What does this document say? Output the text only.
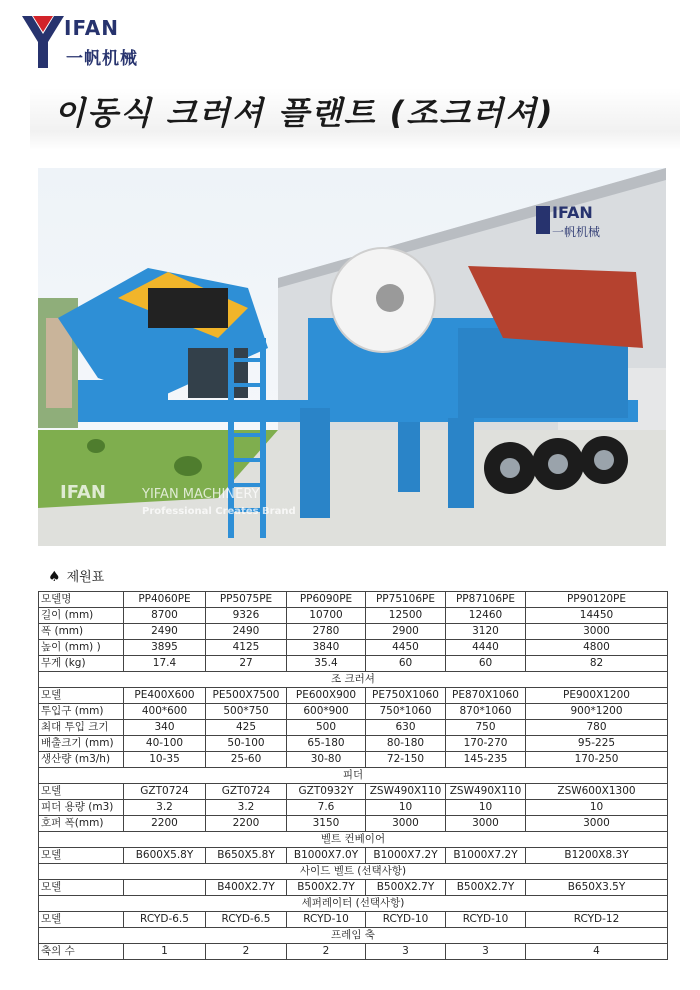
IFAN
一帆机械
이동식 크러셔 플랜트 (조크러셔)
IFAN
一帆机械
IFAN	YIFAN MACHINERY
Professional Creates Brand
♠ 제원표
모델명	PP4060PE	PP5075PE	PP6090PE	PP75106PE	PP87106PE	PP90120PE
길이 (mm)	8700	9326	10700	12500	12460	14450
폭 (mm)	2490	2490	2780	2900	3120	3000
높이 (mm) )	3895	4125	3840	4450	4440	4800
무게 (kg)	17.4	27	35.4	60	60	82
조 크러셔						
모델	PE400X600	PE500X7500	PE600X900	PE750X1060	PE870X1060	PE900X1200
투입구 (mm)	400*600	500*750	600*900	750*1060	870*1060	900*1200
최대 투입 크기	340	425	500	630	750	780
배출크기 (mm)	40-100	50-100	65-180	80-180	170-270	95-225
생산량 (m3/h)	10-35	25-60	30-80	72-150	145-235	170-250
피더						
모델	GZT0724	GZT0724	GZT0932Y	ZSW490X110	ZSW490X110	ZSW600X1300
피더 용량 (m3)	3.2	3.2	7.6	10	10	10
호퍼 폭(mm)	2200	2200	3150	3000	3000	3000
벨트 컨베이어						
모델	B600X5.8Y	B650X5.8Y	B1000X7.0Y	B1000X7.2Y	B1000X7.2Y	B1200X8.3Y
사이드 벨트 (선택사항)						
모델		B400X2.7Y	B500X2.7Y	B500X2.7Y	B500X2.7Y	B650X3.5Y
세퍼레이터 (선택사항)						
모델	RCYD-6.5	RCYD-6.5	RCYD-10	RCYD-10	RCYD-10	RCYD-12
프레임 축						
축의 수	1	2	2	3	3	4
